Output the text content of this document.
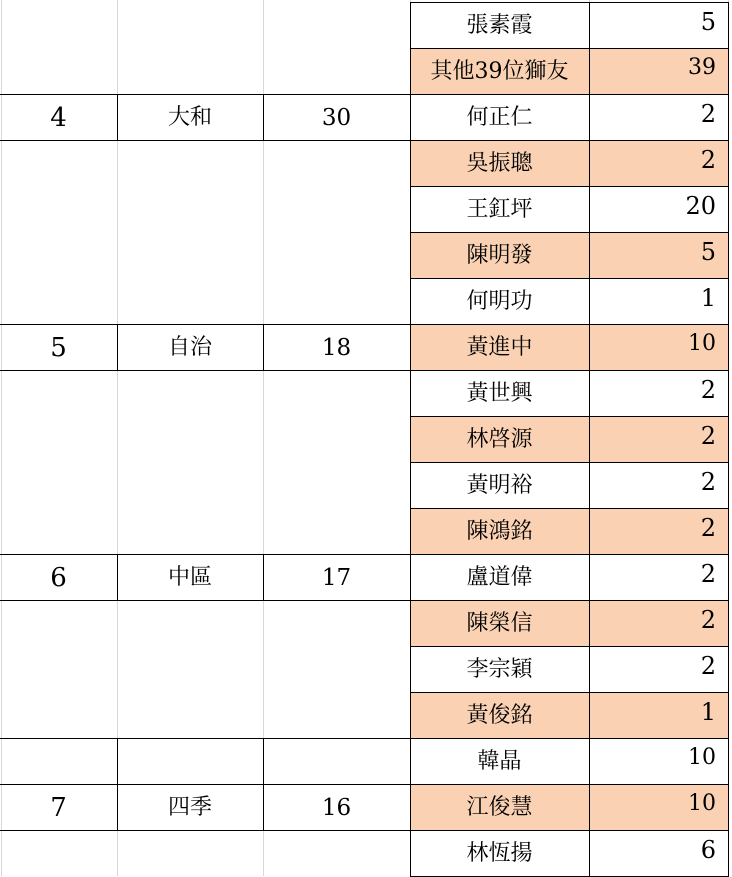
張素霞	5
其他39位獅友	39
4	大和	30	何正仁	2
吳振聰	2
王釭坪	20
陳明發	5
何明功	1
5	自治	18	黃進中	10
黃世興	2
林啓源	2
黃明裕	2
陳鴻銘	2
6	中區	17	盧道偉	2
陳榮信	2
李宗穎	2
黃俊銘	1
韓晶	10
7	四季	16	江俊慧	10
林恆揚	6
